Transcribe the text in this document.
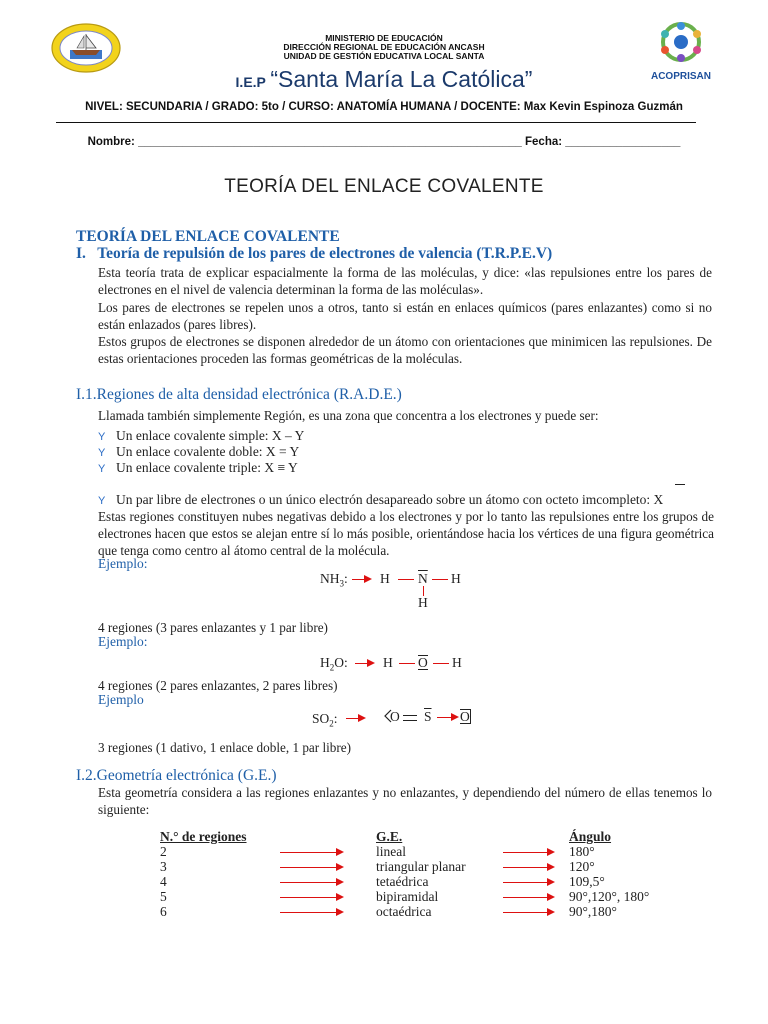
ACOPRISAN
MINISTERIO DE EDUCACIÓN
DIRECCIÓN REGIONAL DE EDUCACIÓN ANCASH
UNIDAD DE GESTIÓN EDUCATIVA LOCAL SANTA
I.E.P “Santa María La Católica”
NIVEL: SECUNDARIA / GRADO: 5to / CURSO: ANATOMÍA HUMANA / DOCENTE: Max Kevin Espinoza Guzmán
Nombre: ____________________________________________________________ Fecha: __________________
TEORÍA DEL ENLACE COVALENTE
TEORÍA DEL ENLACE COVALENTE
I.   Teoría de repulsión de los pares de electrones de valencia (T.R.P.E.V)
Esta teoría trata de explicar espacialmente la forma de las moléculas, y dice: «las repulsiones entre los pares de electrones en el nivel de valencia determinan la forma de las moléculas».
Los pares de electrones se repelen unos a otros, tanto si están en enlaces químicos (pares enlazantes) como si no están enlazados (pares libres).
Estos grupos de electrones se disponen alrededor de un átomo con orientaciones que minimicen las repulsiones. De estas orientaciones proceden las formas geométricas de la moléculas.
I.1.Regiones de alta densidad electrónica (R.A.D.E.)
Llamada también simplemente Región, es una zona que concentra a los electrones y puede ser:
Y Un enlace covalente simple: X – Y
Y Un enlace covalente doble: X = Y
Y Un enlace covalente triple: X ≡ Y
Y Un par libre de electrones o un único electrón desapareado sobre un átomo con octeto imcompleto: X
Estas regiones constituyen nubes negativas debido a los electrones y por lo tanto las repulsiones entre los grupos de electrones hacen que estos se alejan entre sí lo más posible, orientándose hacia los vértices de una figura geométrica que tenga como centro al átomo central de la molécula.
Ejemplo:
$NH_3$: H $\overline{N}$ H
H
4 regiones (3 pares enlazantes y 1 par libre)
Ejemplo:
$H_2O$:	H O H
4 regiones (2 pares enlazantes, 2 pares libres)
Ejemplo
$SO_2$:	O $\overline{S}$ O
3 regiones (1 dativo, 1 enlace doble, 1 par libre)
I.2.Geometría electrónica (G.E.)
Esta geometría considera a las regiones enlazantes y no enlazantes, y dependiendo del número de ellas tenemos lo siguiente:
N.° de regiones	G.E.	Ángulo
2	lineal	180°
3	triangular planar	120°
4	tetaédrica	109,5°
5	bipiramidal	90°,120°, 180°
6	octaédrica	90°,180°
